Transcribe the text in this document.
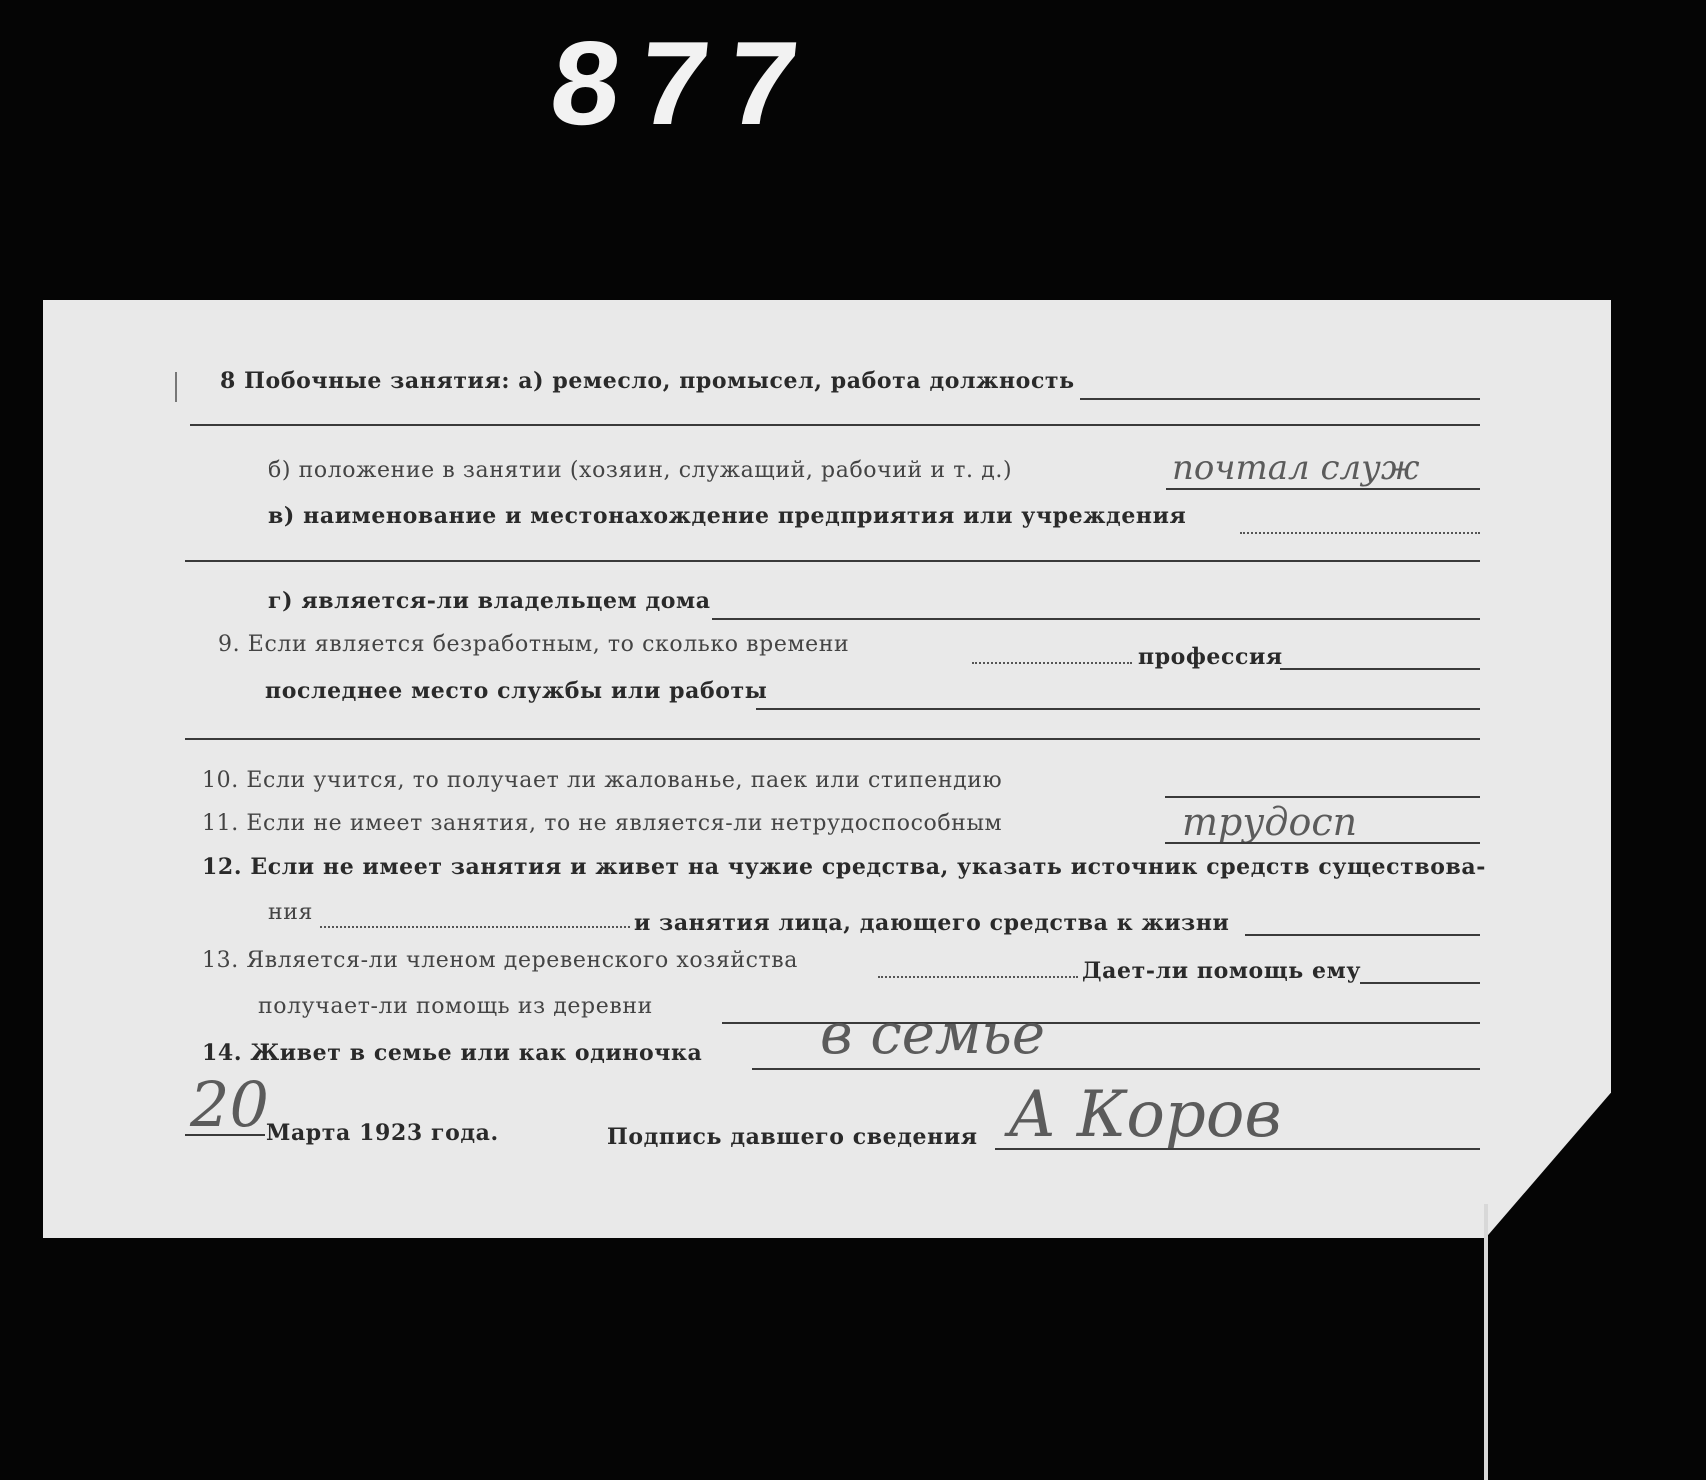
877
8 Побочные занятия: а) ремесло, промысел, работа должность
б) положение в занятии (хозяин, служащий, рабочий и т. д.)	почтал служ
в) наименование и местонахождение предприятия или учреждения
г) является-ли владельцем дома
9. Если является безработным, то сколько времени	профессия
последнее место службы или работы
10. Если учится, то получает ли жалованье, паек или стипендию
11. Если не имеет занятия, то не является-ли нетрудоспособным	трудосп
12. Если не имеет занятия и живет на чужие средства, указать источник средств существова-
ния	и занятия лица, дающего средства к жизни
13. Является-ли членом деревенского хозяйства	Дает-ли помощь ему
получает-ли помощь из деревни
14. Живет в семье или как одиночка в семье
20
Марта 1923 года.	Подпись давшего сведения А Коров
